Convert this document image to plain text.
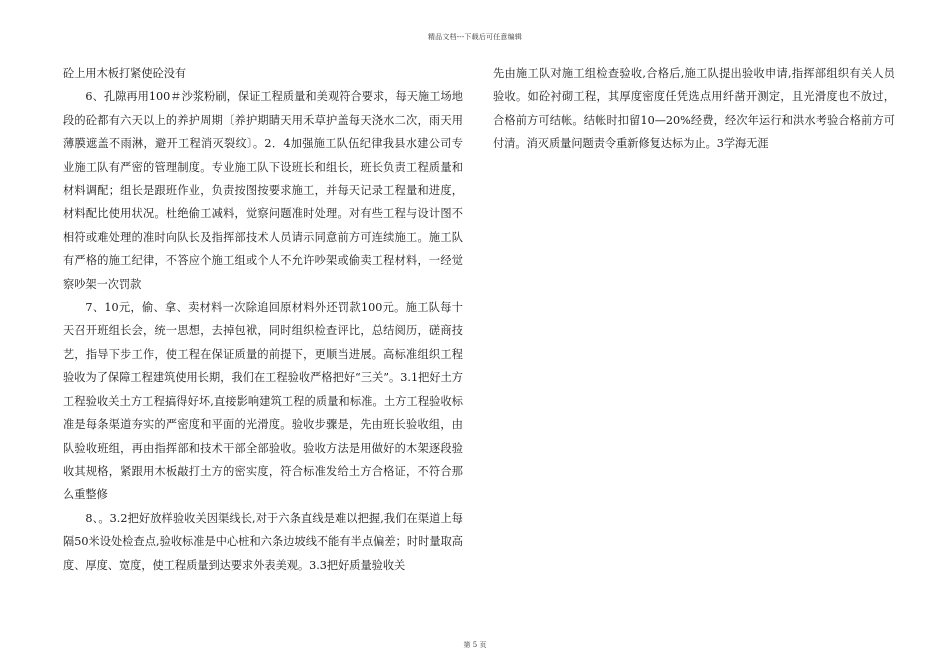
精品文档---下载后可任意编辑

砼上用木板打紧使砼没有

6、孔隙再用100＃沙浆粉刷，保证工程质量和美观符合要求，每天施工场地段的砼都有六天以上的养护周期〔养护期睛天用禾草护盖每天浇水二次，雨天用薄膜遮盖不雨淋，避开工程消灭裂纹〕。2．4加强施工队伍纪律我县水建公司专业施工队有严密的管理制度。专业施工队下设班长和组长，班长负责工程质量和材料调配；组长是跟班作业，负责按图按要求施工，并每天记录工程量和进度，材料配比使用状况。杜绝偷工减料，觉察问题准时处理。对有些工程与设计图不相符或难处理的准时向队长及指挥部技术人员请示同意前方可连续施工。施工队有严格的施工纪律，不答应个施工组或个人不允许吵架或偷卖工程材料，一经觉察吵架一次罚款

7、10元，偷、拿、卖材料一次除追回原材料外还罚款100元。施工队每十天召开班组长会，统一思想，去掉包袱，同时组织检查评比，总结阅历，磋商技艺，指导下步工作，使工程在保证质量的前提下，更顺当进展。高标准组织工程验收为了保障工程建筑使用长期，我们在工程验收严格把好“三关”。3.1把好土方工程验收关土方工程搞得好坏,直接影响建筑工程的质量和标准。土方工程验收标准是每条渠道夯实的严密度和平面的光滑度。验收步骤是，先由班长验收组，由队验收班组，再由指挥部和技术干部全部验收。验收方法是用做好的木架逐段验收其规格，紧跟用木板敲打土方的密实度，符合标准发给土方合格证，不符合那么重整修

8、。3.2把好放样验收关因渠线长,对于六条直线是难以把握,我们在渠道上每隔50米设处检查点,验收标准是中心桩和六条边坡线不能有半点偏差；时时量取高度、厚度、宽度，使工程质量到达要求外表美观。3.3把好质量验收关

先由施工队对施工组检查验收,合格后,施工队提出验收申请,指挥部组织有关人员验收。如砼衬砌工程，其厚度密度任凭选点用纤凿开测定，且光滑度也不放过，合格前方可结帐。结帐时扣留10—20%经费，经次年运行和洪水考验合格前方可付清。消灭质量问题责令重新修复达标为止。3学海无涯

第 5 页
